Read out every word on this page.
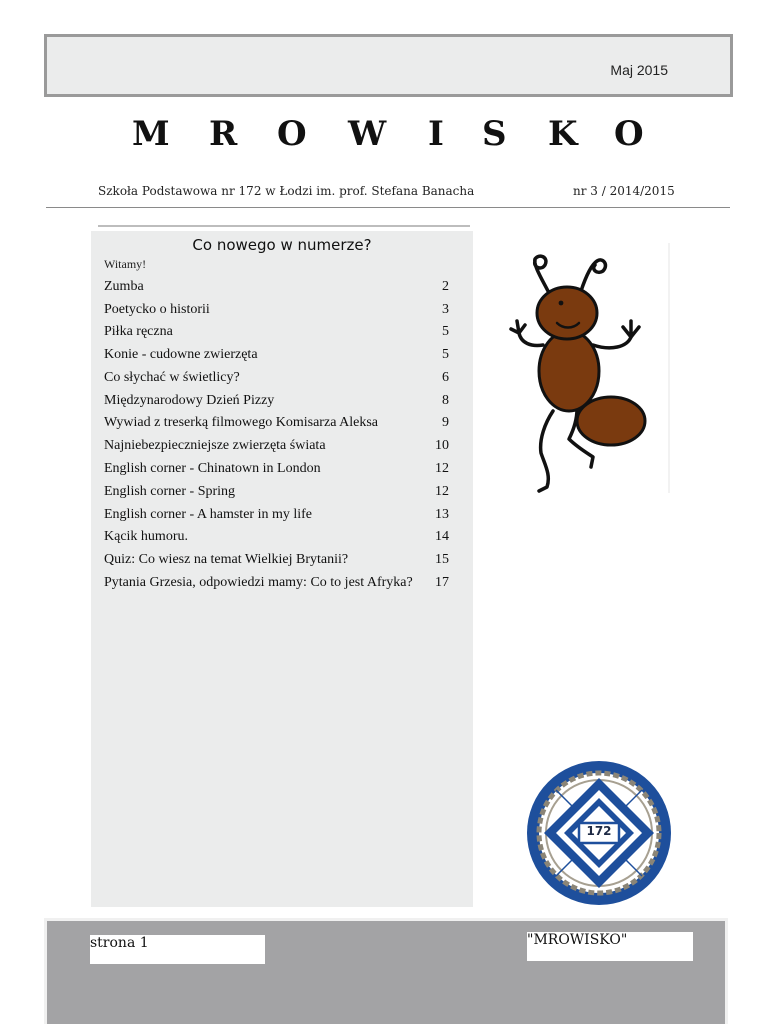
Maj 2015
M R O W I S K O
Szkoła Podstawowa nr 172 w Łodzi im. prof. Stefana Banacha	nr 3 / 2014/2015
Co nowego w numerze?
Witamy!
Zumba	2
Poetycko o historii	3
Piłka ręczna	5
Konie - cudowne zwierzęta	5
Co słychać w świetlicy?	6
Międzynarodowy Dzień Pizzy	8
Wywiad z treserką filmowego Komisarza Aleksa	9
Najniebezpieczniejsze zwierzęta świata	10
English corner - Chinatown in London	12
English corner - Spring	12
English corner - A hamster in my life	13
Kącik humoru.	14
Quiz: Co wiesz na temat Wielkiej Brytanii?	15
Pytania Grzesia, odpowiedzi mamy: Co to jest Afryka?	17
172
strona 1	"MROWISKO"
